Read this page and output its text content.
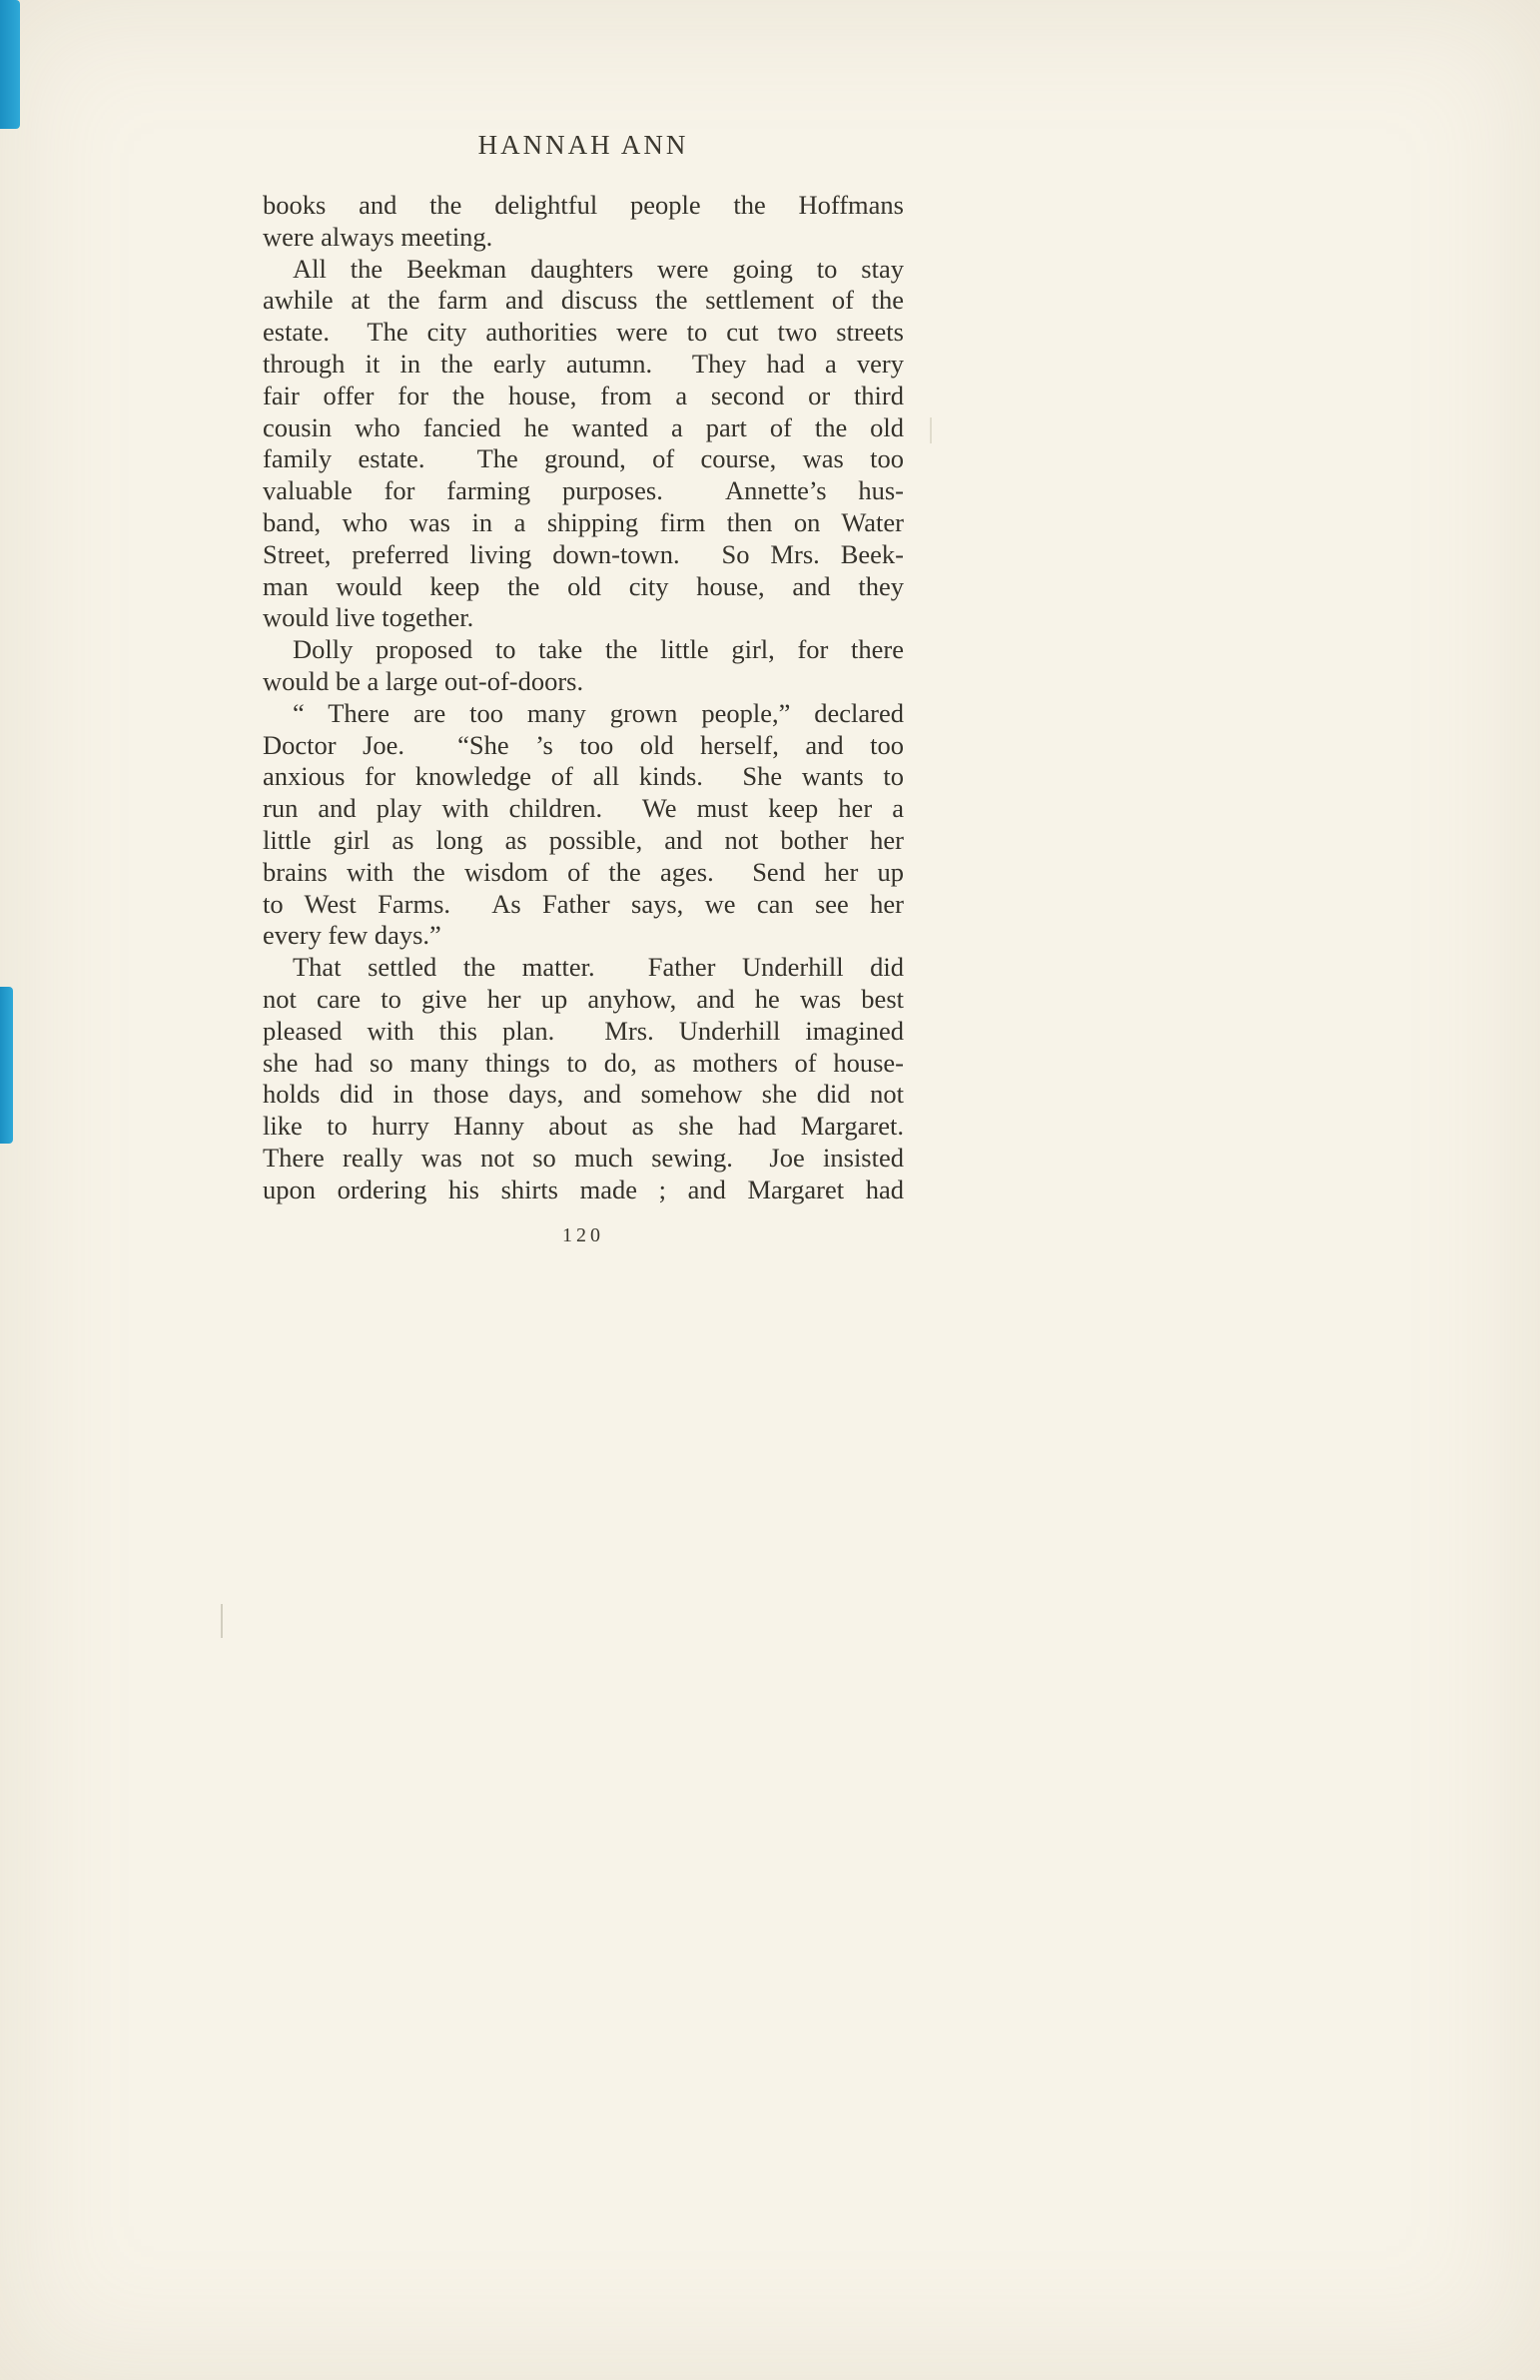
HANNAH ANN
books and the delightful people the Hoffmans
were always meeting.
All the Beekman daughters were going to stay
awhile at the farm and discuss the settlement of the
estate.  The city authorities were to cut two streets
through it in the early autumn.  They had a very
fair offer for the house, from a second or third
cousin who fancied he wanted a part of the old
family estate.  The ground, of course, was too
valuable for farming purposes.  Annette’s hus-
band, who was in a shipping firm then on Water
Street, preferred living down-town.  So Mrs. Beek-
man would keep the old city house, and they
would live together.
Dolly proposed to take the little girl, for there
would be a large out-of-doors.
“ There are too many grown people,” declared
Doctor Joe.  “She ’s too old herself, and too
anxious for knowledge of all kinds.  She wants to
run and play with children.  We must keep her a
little girl as long as possible, and not bother her
brains with the wisdom of the ages.  Send her up
to West Farms.  As Father says, we can see her
every few days.”
That settled the matter.  Father Underhill did
not care to give her up anyhow, and he was best
pleased with this plan.  Mrs. Underhill imagined
she had so many things to do, as mothers of house-
holds did in those days, and somehow she did not
like to hurry Hanny about as she had Margaret.
There really was not so much sewing.  Joe insisted
upon ordering his shirts made ; and Margaret had
120
